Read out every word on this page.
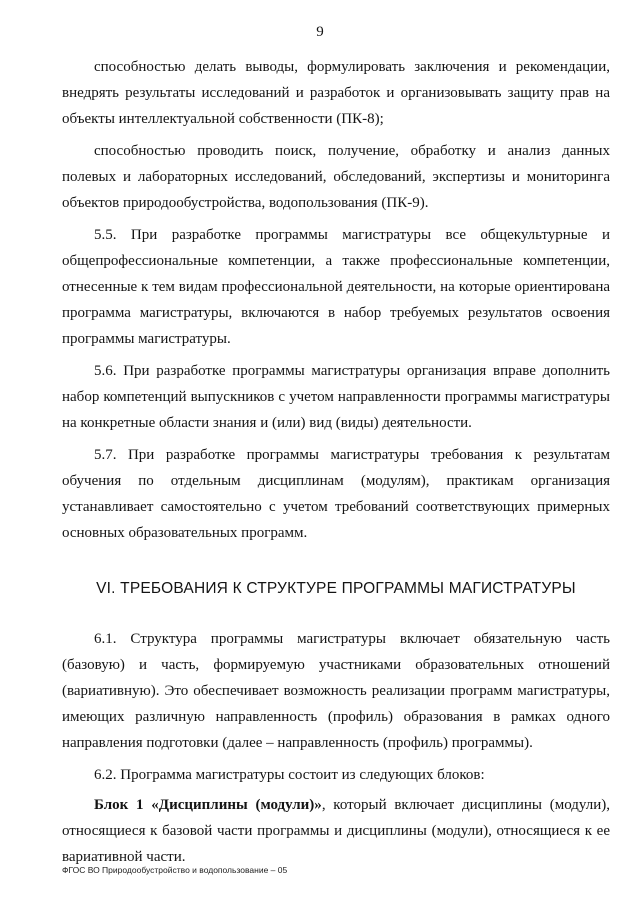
9

способностью делать выводы, формулировать заключения и рекомендации, внедрять результаты исследований и разработок и организовывать защиту прав на объекты интеллектуальной собственности (ПК-8);

способностью проводить поиск, получение, обработку и анализ данных полевых и лабораторных исследований, обследований, экспертизы и мониторинга объектов природообустройства, водопользования (ПК-9).

5.5. При разработке программы магистратуры все общекультурные и общепрофессиональные компетенции, а также профессиональные компетенции, отнесенные к тем видам профессиональной деятельности, на которые ориентирована программа магистратуры, включаются в набор требуемых результатов освоения программы магистратуры.

5.6. При разработке программы магистратуры организация вправе дополнить набор компетенций выпускников с учетом направленности программы магистратуры на конкретные области знания и (или) вид (виды) деятельности.

5.7. При разработке программы магистратуры требования к результатам обучения по отдельным дисциплинам (модулям), практикам организация устанавливает самостоятельно с учетом требований соответствующих примерных основных образовательных программ.

VI. ТРЕБОВАНИЯ К СТРУКТУРЕ ПРОГРАММЫ МАГИСТРАТУРЫ

6.1. Структура программы магистратуры включает обязательную часть (базовую) и часть, формируемую участниками образовательных отношений (вариативную). Это обеспечивает возможность реализации программ магистратуры, имеющих различную направленность (профиль) образования в рамках одного направления подготовки (далее – направленность (профиль) программы).

6.2. Программа магистратуры состоит из следующих блоков:

Блок 1 «Дисциплины (модули)», который включает дисциплины (модули), относящиеся к базовой части программы и дисциплины (модули), относящиеся к ее вариативной части.

ФГОС ВО Природообустройство и водопользование – 05
